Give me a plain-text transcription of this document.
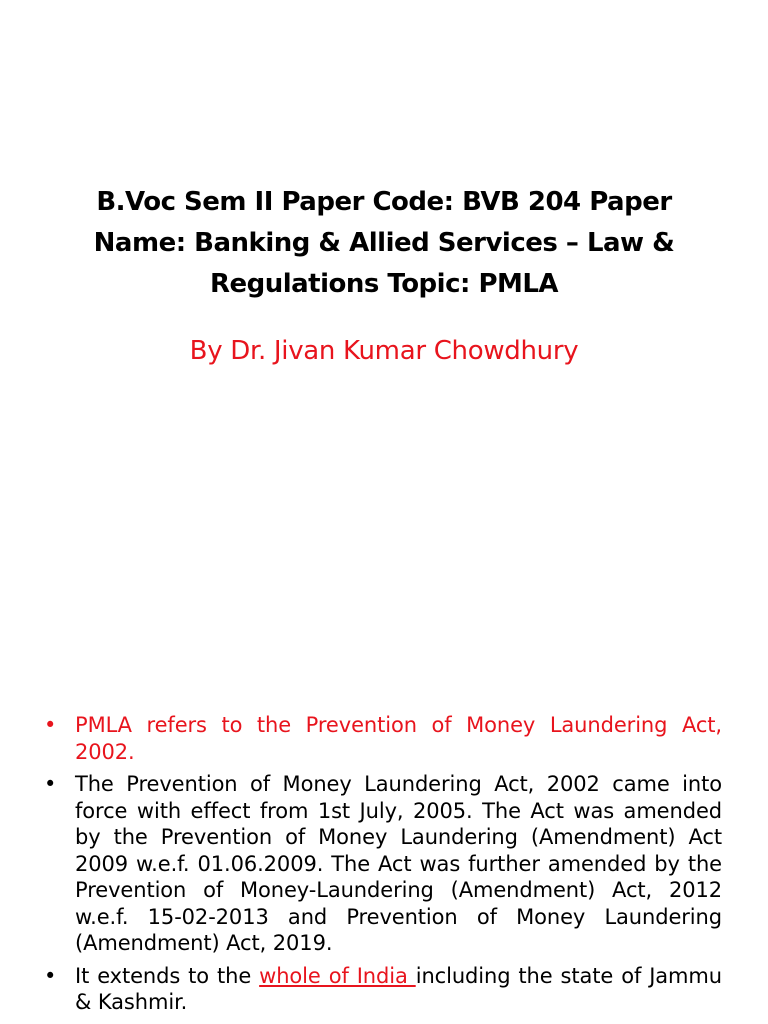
B.Voc Sem II Paper Code: BVB 204 Paper Name: Banking & Allied Services – Law & Regulations Topic: PMLA

By Dr. Jivan Kumar Chowdhury

• PMLA refers to the Prevention of Money Laundering Act, 2002.
• The Prevention of Money Laundering Act, 2002 came into force with effect from 1st July, 2005. The Act was amended by the Prevention of Money Laundering (Amendment) Act 2009 w.e.f. 01.06.2009. The Act was further amended by the Prevention of Money-Laundering (Amendment) Act, 2012 w.e.f. 15-02-2013 and Prevention of Money Laundering (Amendment) Act, 2019.
• It extends to the whole of India including the state of Jammu & Kashmir.
